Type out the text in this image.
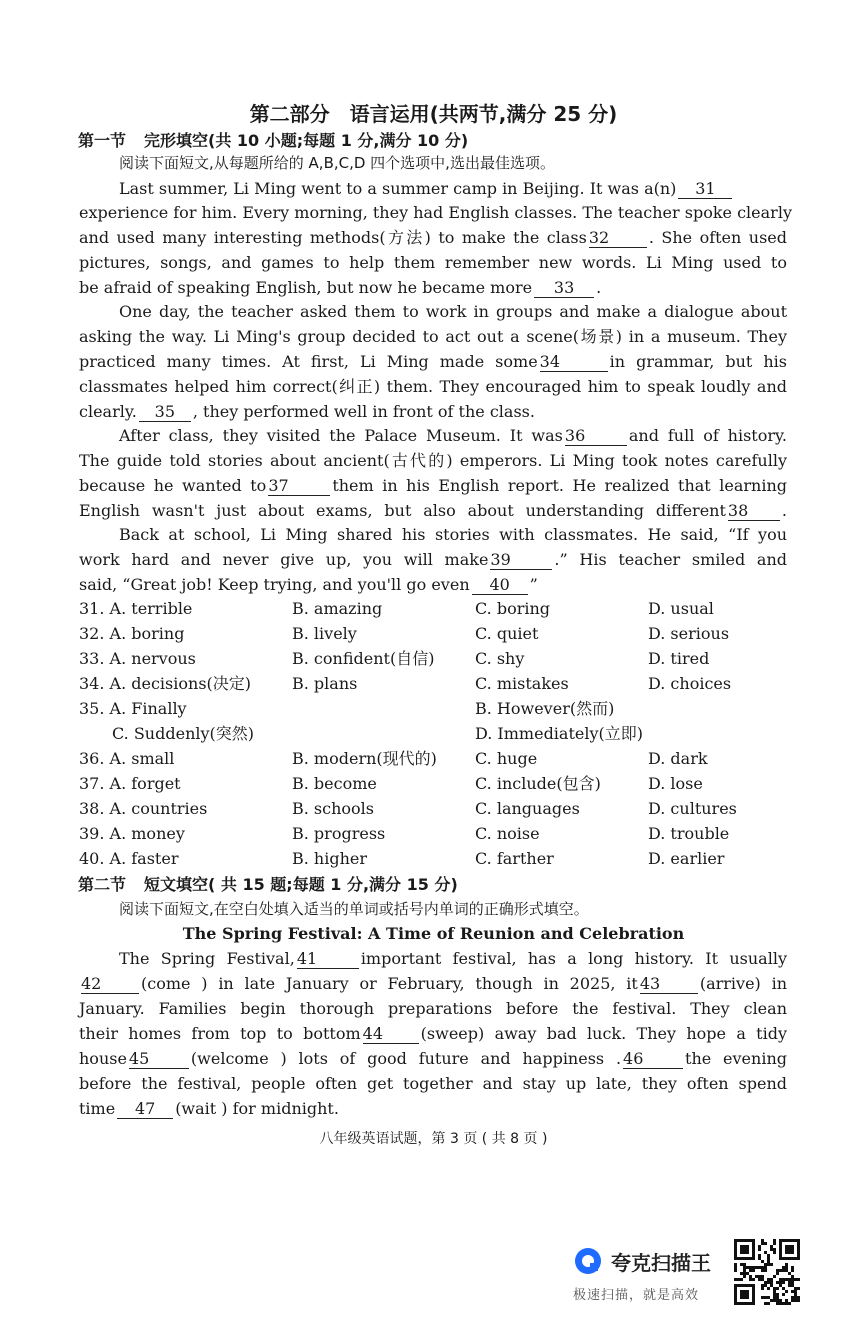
第二部分　语言运用(共两节,满分 25 分)
第一节 完形填空(共 10 小题;每题 1 分,满分 10 分)
阅读下面短文,从每题所给的 A,B,C,D 四个选项中,选出最佳选项。
Last summer, Li Ming went to a summer camp in Beijing. It was a(n) 31
experience for him. Every morning, they had English classes. The teacher spoke clearly
and used many interesting methods(方法) to make the class 32 . She often used
pictures, songs, and games to help them remember new words. Li Ming used to
be afraid of speaking English, but now he became more 33 .
One day, the teacher asked them to work in groups and make a dialogue about
asking the way. Li Ming's group decided to act out a scene(场景) in a museum. They
practiced many times. At first, Li Ming made some 34	in grammar, but his
classmates helped him correct(纠正) them. They encouraged him to speak loudly and
clearly. 35 , they performed well in front of the class.
After class, they visited the Palace Museum. It was 36	and full of history.
The guide told stories about ancient(古代的) emperors. Li Ming took notes carefully
because he wanted to 37	them in his English report. He realized that learning
English wasn't just about exams, but also about understanding different 38 .
Back at school, Li Ming shared his stories with classmates. He said, “If you
work hard and never give up, you will make 39	.” His teacher smiled and
said, “Great job! Keep trying, and you'll go even 40 ”
31. A. terrible	B. amazing	C. boring	D. usual
32. A. boring	B. lively	C. quiet	D. serious
33. A. nervous	B. confident(自信)	C. shy	D. tired
34. A. decisions(决定)	B. plans	C. mistakes	D. choices
35. A. Finally	B. However(然而)
C. Suddenly(突然)	D. Immediately(立即)
36. A. small	B. modern(现代的) C. huge	D. dark
37. A. forget	B. become	C. include(包含)	D. lose
38. A. countries	B. schools	C. languages	D. cultures
39. A. money	B. progress	C. noise	D. trouble
40. A. faster	B. higher	C. farther	D. earlier
第二节 短文填空( 共 15 题;每题 1 分,满分 15 分)
阅读下面短文,在空白处填入适当的单词或括号内单词的正确形式填空。
The Spring Festival: A Time of Reunion and Celebration
The Spring Festival, 41	important festival, has a long history. It usually
42 (come ) in late January or February, though in 2025, it 43 (arrive) in
January. Families begin thorough preparations before the festival. They clean
their homes from top to bottom 44 (sweep) away bad luck. They hope a tidy
house 45	(welcome ) lots of good future and happiness . 46	the evening
before the festival, people often get together and stay up late, they often spend
time 47 (wait ) for midnight.
八年级英语试题，第 3 页 ( 共 8 页 )
夸克扫描王
极速扫描，就是高效
